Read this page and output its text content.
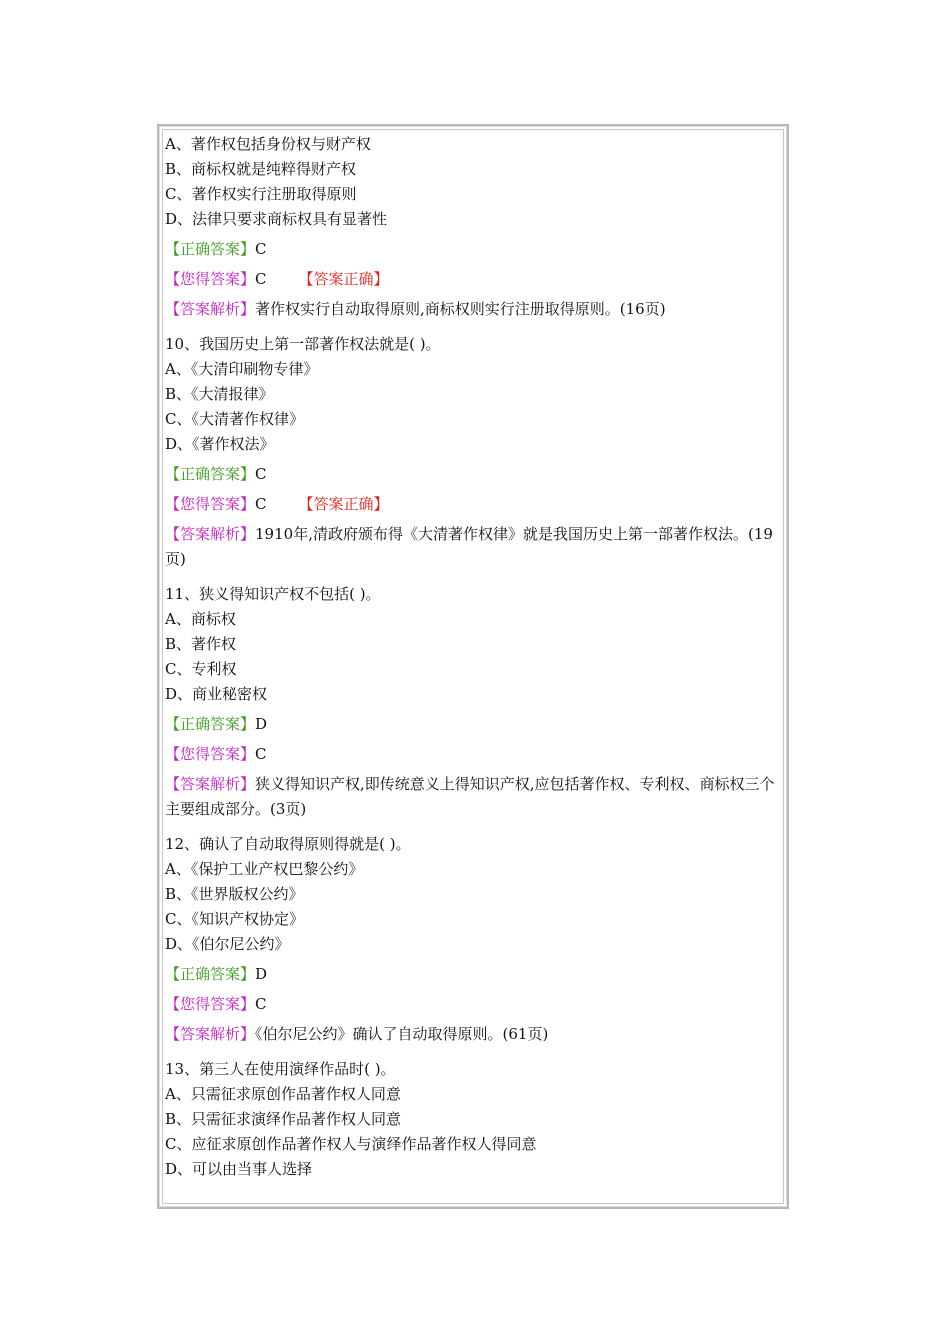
A、著作权包括身份权与财产权
B、商标权就是纯粹得财产权
C、著作权实行注册取得原则
D、法律只要求商标权具有显著性
【正确答案】C
【您得答案】C 【答案正确】
【答案解析】著作权实行自动取得原则,商标权则实行注册取得原则。(16页)
10、我国历史上第一部著作权法就是( )。
A、《大清印刷物专律》
B、《大清报律》
C、《大清著作权律》
D、《著作权法》
【正确答案】C
【您得答案】C 【答案正确】
【答案解析】1910年,清政府颁布得《大清著作权律》就是我国历史上第一部著作权法。(19页)
11、狭义得知识产权不包括( )。
A、商标权
B、著作权
C、专利权
D、商业秘密权
【正确答案】D
【您得答案】C
【答案解析】狭义得知识产权,即传统意义上得知识产权,应包括著作权、专利权、商标权三个主要组成部分。(3页)
12、确认了自动取得原则得就是( )。
A、《保护工业产权巴黎公约》
B、《世界版权公约》
C、《知识产权协定》
D、《伯尔尼公约》
【正确答案】D
【您得答案】C
【答案解析】《伯尔尼公约》确认了自动取得原则。(61页)
13、第三人在使用演绎作品时( )。
A、只需征求原创作品著作权人同意
B、只需征求演绎作品著作权人同意
C、应征求原创作品著作权人与演绎作品著作权人得同意
D、可以由当事人选择
